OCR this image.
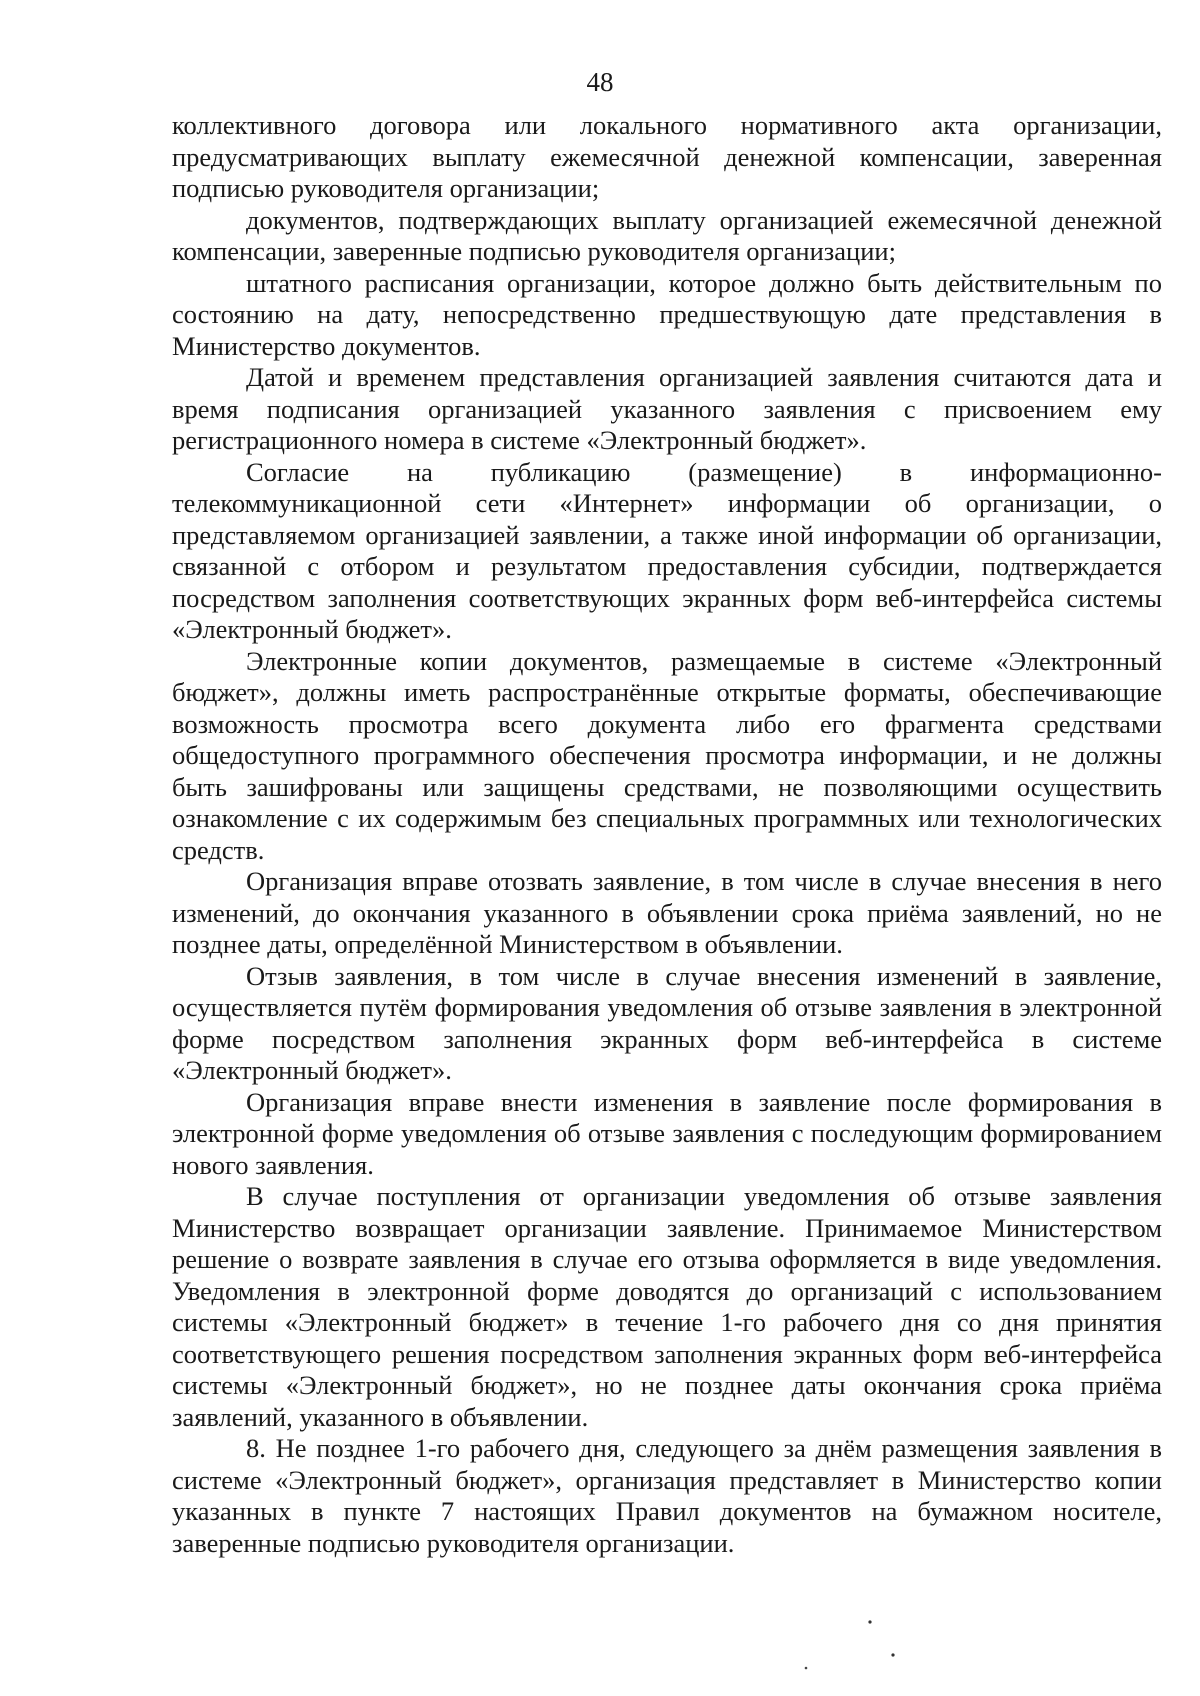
48

коллективного договора или локального нормативного акта организации, предусматривающих выплату ежемесячной денежной компенсации, заверенная подписью руководителя организации;

документов, подтверждающих выплату организацией ежемесячной денежной компенсации, заверенные подписью руководителя организации;

штатного расписания организации, которое должно быть действительным по состоянию на дату, непосредственно предшествующую дате представления в Министерство документов.

Датой и временем представления организацией заявления считаются дата и время подписания организацией указанного заявления с присвоением ему регистрационного номера в системе «Электронный бюджет».

Согласие на публикацию (размещение) в информационно-телекоммуникационной сети «Интернет» информации об организации, о представляемом организацией заявлении, а также иной информации об организации, связанной с отбором и результатом предоставления субсидии, подтверждается посредством заполнения соответствующих экранных форм веб-интерфейса системы «Электронный бюджет».

Электронные копии документов, размещаемые в системе «Электронный бюджет», должны иметь распространённые открытые форматы, обеспечивающие возможность просмотра всего документа либо его фрагмента средствами общедоступного программного обеспечения просмотра информации, и не должны быть зашифрованы или защищены средствами, не позволяющими осуществить ознакомление с их содержимым без специальных программных или технологических средств.

Организация вправе отозвать заявление, в том числе в случае внесения в него изменений, до окончания указанного в объявлении срока приёма заявлений, но не позднее даты, определённой Министерством в объявлении.

Отзыв заявления, в том числе в случае внесения изменений в заявление, осуществляется путём формирования уведомления об отзыве заявления в электронной форме посредством заполнения экранных форм веб-интерфейса в системе «Электронный бюджет».

Организация вправе внести изменения в заявление после формирования в электронной форме уведомления об отзыве заявления с последующим формированием нового заявления.

В случае поступления от организации уведомления об отзыве заявления Министерство возвращает организации заявление. Принимаемое Министерством решение о возврате заявления в случае его отзыва оформляется в виде уведомления. Уведомления в электронной форме доводятся до организаций с использованием системы «Электронный бюджет» в течение 1-го рабочего дня со дня принятия соответствующего решения посредством заполнения экранных форм веб-интерфейса системы «Электронный бюджет», но не позднее даты окончания срока приёма заявлений, указанного в объявлении.

8. Не позднее 1-го рабочего дня, следующего за днём размещения заявления в системе «Электронный бюджет», организация представляет в Министерство копии указанных в пункте 7 настоящих Правил документов на бумажном носителе, заверенные подписью руководителя организации.
